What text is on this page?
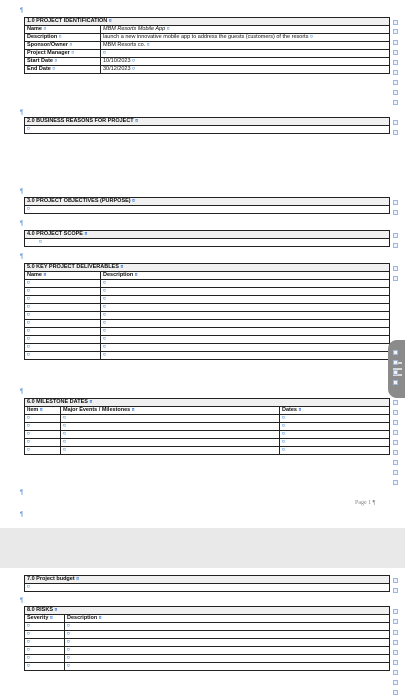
¶
1.0 PROJECT IDENTIFICATION ¤	
Name ¤	MBM Resorts Mobile App ¤
Description ¤	launch a new innovative mobile app to address the guests (customers) of the resorts ¤
Sponsor/Owner ¤	MBM Resorts co. ¤
Project Manager ¤	¤
Start Date ¤	10/10/2023 ¤
End Date ¤	30/12/2023 ¤
¶
2.0 BUSINESS REASONS FOR PROJECT ¤
¤
¶
3.0 PROJECT OBJECTIVES (PURPOSE) ¤
¤
¶
4.0 PROJECT SCOPE ¤
¤
¶
5.0 KEY PROJECT DELIVERABLES ¤	
Name ¤	Description ¤
¤	¤
¤	¤
¤	¤
¤	¤
¤	¤
¤	¤
¤	¤
¤	¤
¤	¤
¤	¤
¶
6.0 MILESTONE DATES ¤		
Item ¤	Major Events / Milestones ¤	Dates ¤
¤	¤	¤
¤	¤	¤
¤	¤	¤
¤	¤	¤
¤	¤	¤
¶
Page 1 ¶
¶
7.0 Project budget ¤
¤
¶
8.0 RISKS ¤	
Severity ¤	Description ¤
¤	¤
¤	¤
¤	¤
¤	¤
¤	¤
¤	¤
